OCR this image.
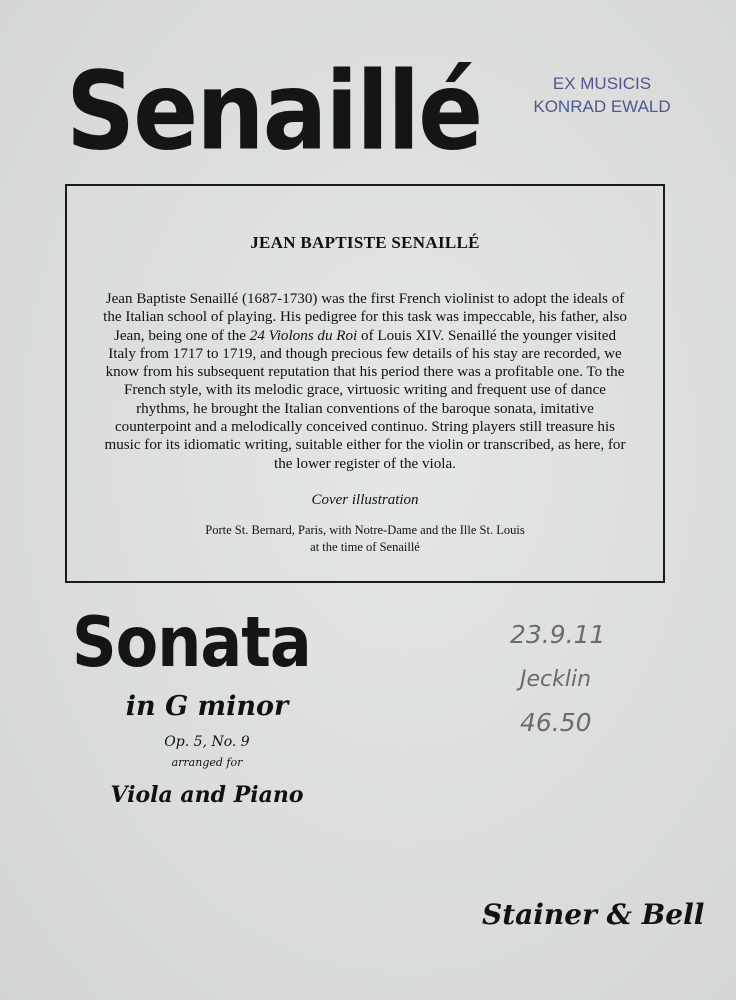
Senaillé	EX MUSICIS
KONRAD EWALD
JEAN BAPTISTE SENAILLÉ
Jean Baptiste Senaillé (1687-1730) was the first French violinist to adopt the ideals of the Italian school of playing. His pedigree for this task was impeccable, his father, also Jean, being one of the 24 Violons du Roi of Louis XIV. Senaillé the younger visited Italy from 1717 to 1719, and though precious few details of his stay are recorded, we know from his subsequent reputation that his period there was a profitable one. To the French style, with its melodic grace, virtuosic writing and frequent use of dance rhythms, he brought the Italian conventions of the baroque sonata, imitative counterpoint and a melodically conceived continuo. String players still treasure his music for its idiomatic writing, suitable either for the violin or transcribed, as here, for the lower register of the viola.
Cover illustration
Porte St. Bernard, Paris, with Notre-Dame and the Ille St. Louis
at the time of Senaillé
Sonata
in G minor
Op. 5, No. 9
arranged for
Viola and Piano
23.9.11
Jecklin
46.50
Stainer & Bell
